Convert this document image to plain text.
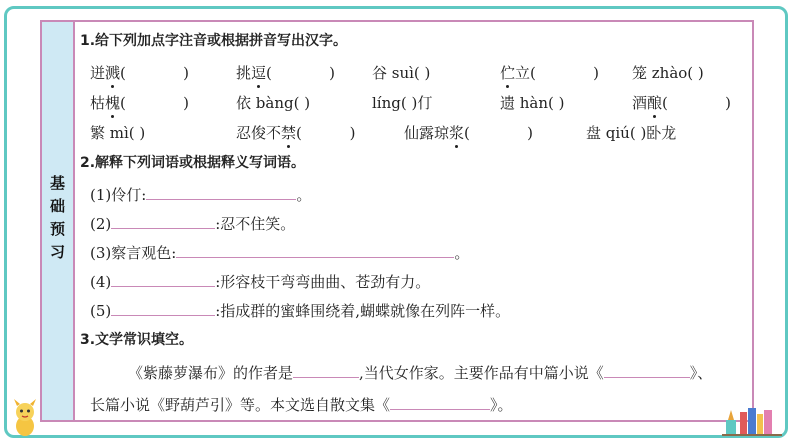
基础预习
1.给下列加点字注音或根据拼音写出汉字。
迸溅(            )	挑逗(            ) 谷 suì( )	伫立(            ) 笼 zhào( )
枯槐(            )	依 bàng( )	líng( )仃	遗 hàn( )	酒酿(            )
繁 mì( )	忍俊不禁(          )	仙露琼浆(            )	盘 qiú( )卧龙
2.解释下列词语或根据释义写词语。
(1)伶仃:	。
(2)	:忍不住笑。
(3)察言观色:	。
(4)	:形容枝干弯弯曲曲、苍劲有力。
(5)	:指成群的蜜蜂围绕着,蝴蝶就像在列阵一样。
3.文学常识填空。
《紫藤萝瀑布》的作者是	,当代女作家。主要作品有中篇小说《	》、
长篇小说《野葫芦引》等。本文选自散文集《	》。
